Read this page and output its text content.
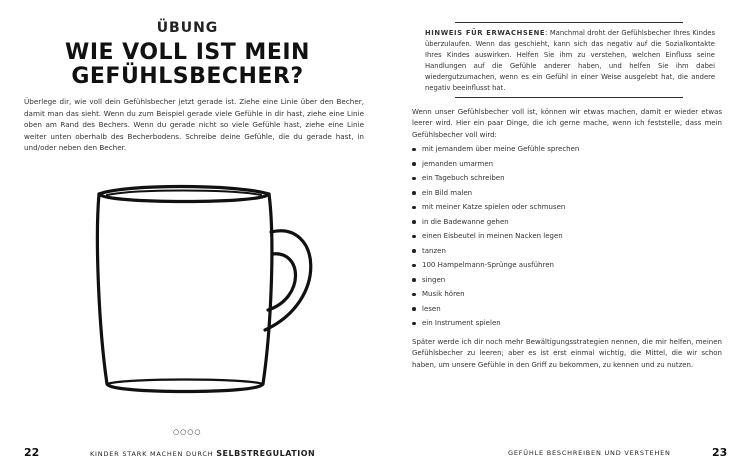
ÜBUNG
WIE VOLL IST MEIN
GEFÜHLSBECHER?
Überlege dir, wie voll dein Gefühlsbecher jetzt gerade ist. Ziehe eine Linie über den Becher, damit man das sieht. Wenn du zum Beispiel gerade viele Gefühle in dir hast, ziehe eine Linie oben am Rand des Bechers. Wenn du gerade nicht so viele Gefühle hast, ziehe eine Linie weiter unten oberhalb des Becherbodens. Schreibe deine Gefühle, die du gerade hast, in und/oder neben den Becher.
○○○○
22	KINDER STARK MACHEN DURCH SELBSTREGULATION
HINWEIS FÜR ERWACHSENE: Manchmal droht der Gefühlsbecher Ihres Kindes überzulaufen. Wenn das geschieht, kann sich das negativ auf die Sozialkontakte Ihres Kindes auswirken. Helfen Sie ihm zu verstehen, welchen Einfluss seine Handlungen auf die Gefühle anderer haben, und helfen Sie ihm dabei wiedergutzumachen, wenn es ein Gefühl in einer Weise ausgelebt hat, die andere negativ beeinflusst hat.
Wenn unser Gefühlsbecher voll ist, können wir etwas machen, damit er wieder etwas leerer wird. Hier ein paar Dinge, die ich gerne mache, wenn ich feststelle, dass mein Gefühlsbecher voll wird:
mit jemandem über meine Gefühle sprechen
jemanden umarmen
ein Tagebuch schreiben
ein Bild malen
mit meiner Katze spielen oder schmusen
in die Badewanne gehen
einen Eisbeutel in meinen Nacken legen
tanzen
100 Hampelmann-Sprünge ausführen
singen
Musik hören
lesen
ein Instrument spielen
Später werde ich dir noch mehr Bewältigungsstrategien nennen, die mir helfen, meinen Gefühlsbecher zu leeren; aber es ist erst einmal wichtig, die Mittel, die wir schon haben, um unsere Gefühle in den Griff zu bekommen, zu kennen und zu nutzen.
GEFÜHLE BESCHREIBEN UND VERSTEHEN	23
